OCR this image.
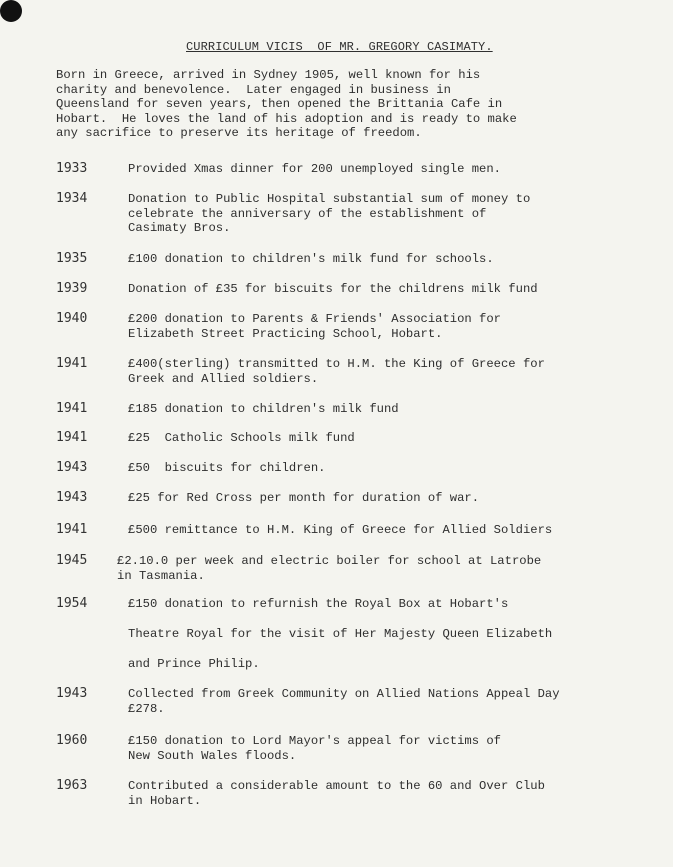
CURRICULUM VICIS  OF MR. GREGORY CASIMATY.
Born in Greece, arrived in Sydney 1905, well known for his
charity and benevolence.  Later engaged in business in
Queensland for seven years, then opened the Brittania Cafe in
Hobart.  He loves the land of his adoption and is ready to make
any sacrifice to preserve its heritage of freedom.
1933	Provided Xmas dinner for 200 unemployed single men.
1934	Donation to Public Hospital substantial sum of money to
celebrate the anniversary of the establishment of
Casimaty Bros.
1935	£100 donation to children's milk fund for schools.
1939	Donation of £35 for biscuits for the childrens milk fund
1940	£200 donation to Parents & Friends' Association for
Elizabeth Street Practicing School, Hobart.
1941	£400(sterling) transmitted to H.M. the King of Greece for
Greek and Allied soldiers.
1941	£185 donation to children's milk fund
1941	£25  Catholic Schools milk fund
1943	£50  biscuits for children.
1943	£25 for Red Cross per month for duration of war.
1941	£500 remittance to H.M. King of Greece for Allied Soldiers
1945 £2.10.0 per week and electric boiler for school at Latrobe
in Tasmania.
1954	£150 donation to refurnish the Royal Box at Hobart's
Theatre Royal for the visit of Her Majesty Queen Elizabeth
and Prince Philip.
1943	Collected from Greek Community on Allied Nations Appeal Day
£278.
1960	£150 donation to Lord Mayor's appeal for victims of
New South Wales floods.
1963	Contributed a considerable amount to the 60 and Over Club
in Hobart.
